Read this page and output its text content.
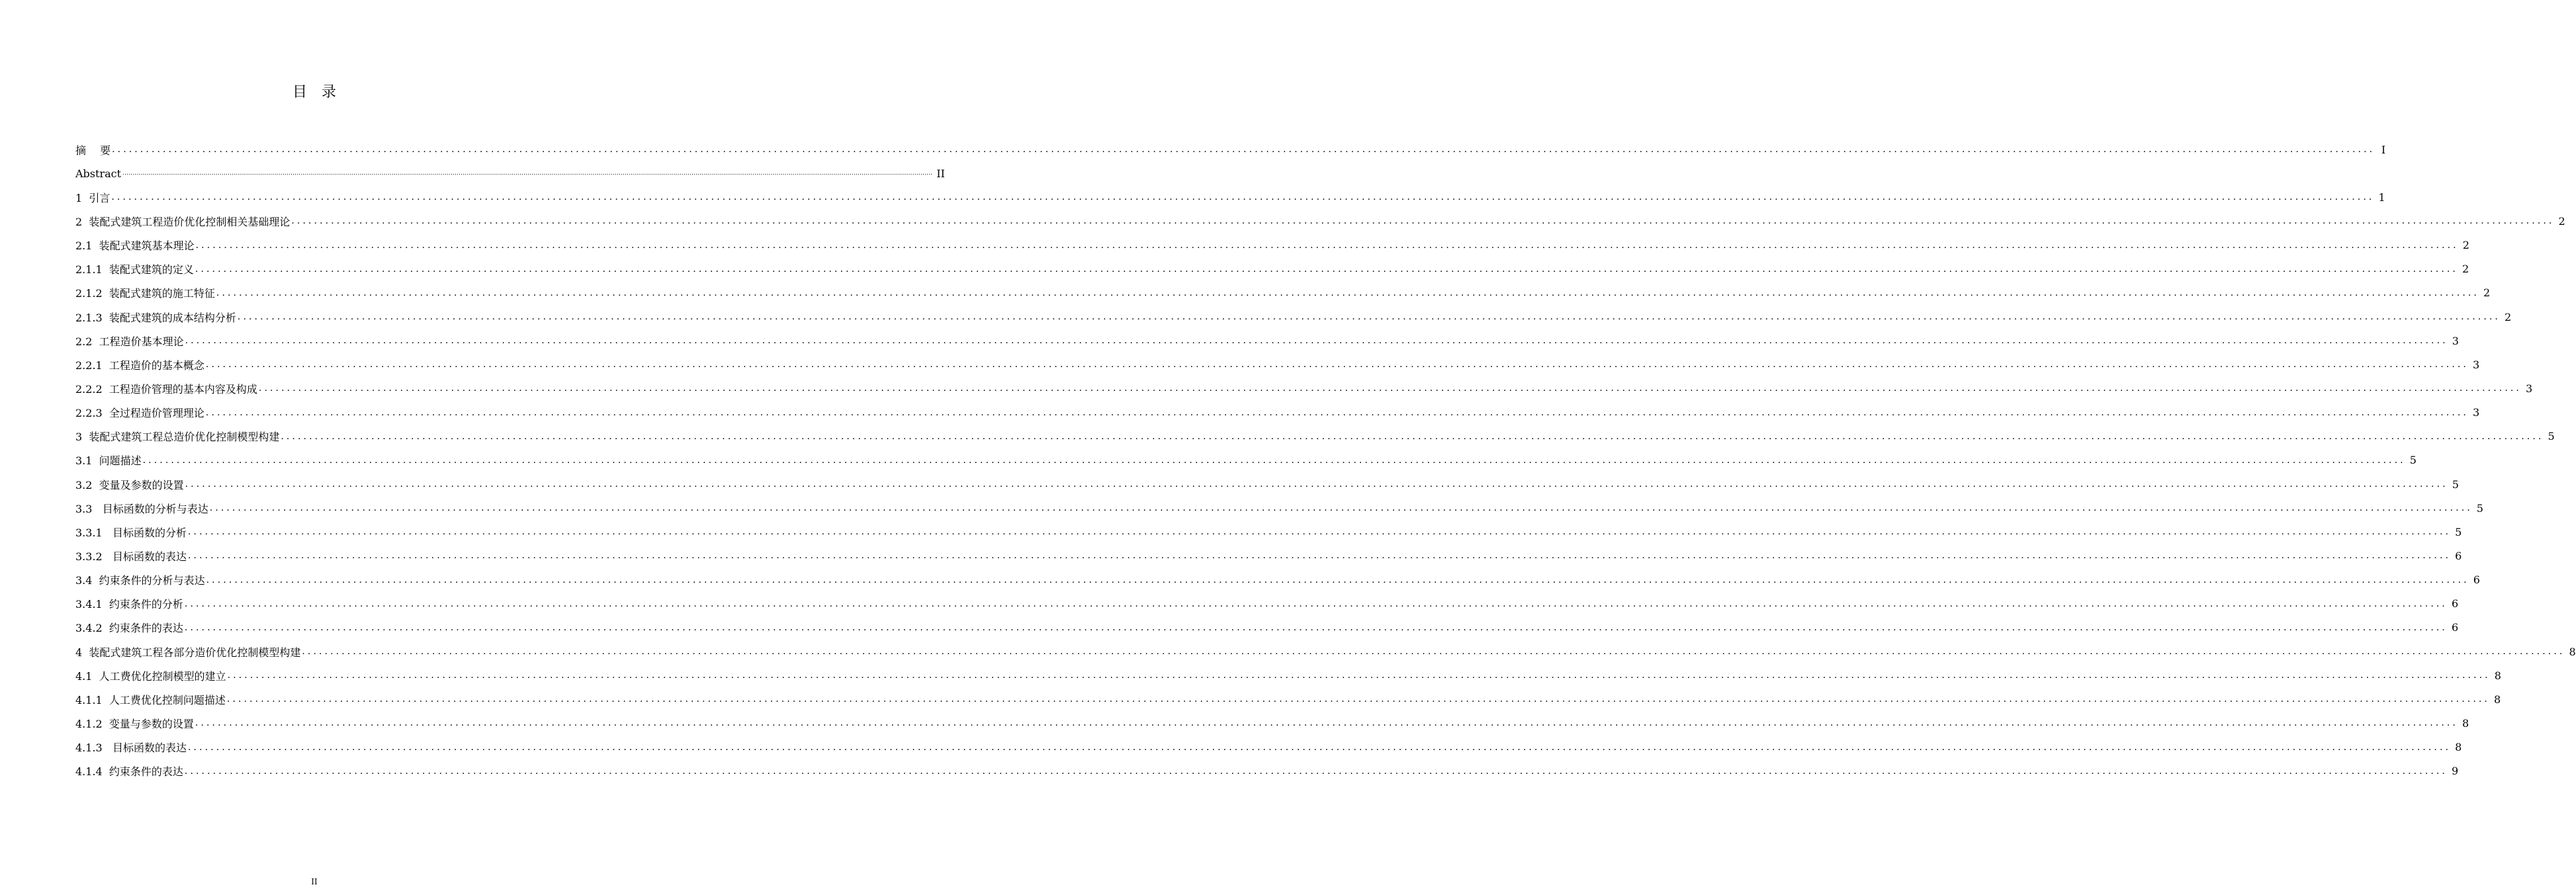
目　录
摘　 要 ................................................................................................................................................................................................................................................................................................................................................................................................................ I
Abstract ................................................................................................................................................................................................................................................................................................................................................................................................................ II
1  引言 ................................................................................................................................................................................................................................................................................................................................................................................................................ 1
2  装配式建筑工程造价优化控制相关基础理论 ................................................................................................................................................................................................................................................................................................................................................................................................................ 2
2.1  装配式建筑基本理论 ................................................................................................................................................................................................................................................................................................................................................................................................................ 2
2.1.1  装配式建筑的定义 ................................................................................................................................................................................................................................................................................................................................................................................................................ 2
2.1.2  装配式建筑的施工特征 ................................................................................................................................................................................................................................................................................................................................................................................................................ 2
2.1.3  装配式建筑的成本结构分析 ................................................................................................................................................................................................................................................................................................................................................................................................................ 2
2.2  工程造价基本理论 ................................................................................................................................................................................................................................................................................................................................................................................................................ 3
2.2.1  工程造价的基本概念 ................................................................................................................................................................................................................................................................................................................................................................................................................ 3
2.2.2  工程造价管理的基本内容及构成 ................................................................................................................................................................................................................................................................................................................................................................................................................ 3
2.2.3  全过程造价管理理论 ................................................................................................................................................................................................................................................................................................................................................................................................................ 3
3  装配式建筑工程总造价优化控制模型构建 ................................................................................................................................................................................................................................................................................................................................................................................................................ 5
3.1  问题描述 ................................................................................................................................................................................................................................................................................................................................................................................................................ 5
3.2  变量及参数的设置 ................................................................................................................................................................................................................................................................................................................................................................................................................ 5
3.3   目标函数的分析与表达 ................................................................................................................................................................................................................................................................................................................................................................................................................ 5
3.3.1   目标函数的分析 ................................................................................................................................................................................................................................................................................................................................................................................................................ 5
3.3.2   目标函数的表达 ................................................................................................................................................................................................................................................................................................................................................................................................................ 6
3.4  约束条件的分析与表达 ................................................................................................................................................................................................................................................................................................................................................................................................................ 6
3.4.1  约束条件的分析 ................................................................................................................................................................................................................................................................................................................................................................................................................ 6
3.4.2  约束条件的表达 ................................................................................................................................................................................................................................................................................................................................................................................................................ 6
4  装配式建筑工程各部分造价优化控制模型构建 ................................................................................................................................................................................................................................................................................................................................................................................................................ 8
4.1  人工费优化控制模型的建立 ................................................................................................................................................................................................................................................................................................................................................................................................................ 8
4.1.1  人工费优化控制问题描述 ................................................................................................................................................................................................................................................................................................................................................................................................................ 8
4.1.2  变量与参数的设置 ................................................................................................................................................................................................................................................................................................................................................................................................................ 8
4.1.3   目标函数的表达 ................................................................................................................................................................................................................................................................................................................................................................................................................ 8
4.1.4  约束条件的表达 ................................................................................................................................................................................................................................................................................................................................................................................................................ 9
II
